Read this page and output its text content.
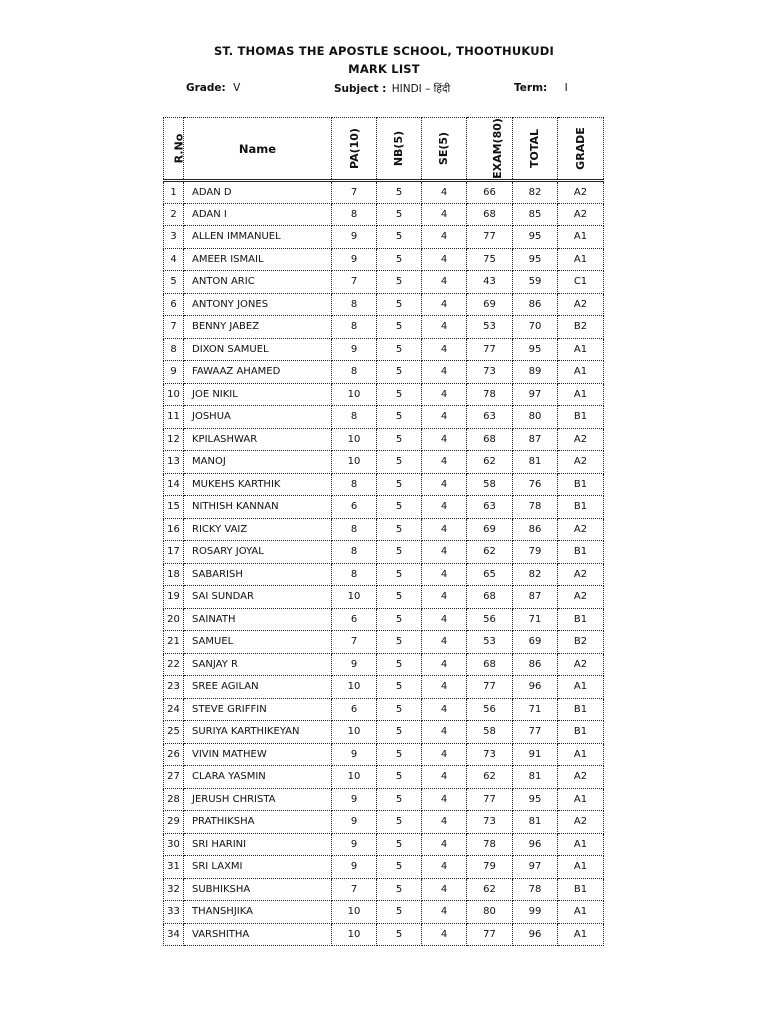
ST. THOMAS THE APOSTLE SCHOOL, THOOTHUKUDI
MARK LIST
Grade: V	Subject : HINDI – हिंदी	Term: I
R.No	Name	PA(10)	NB(5)	SE(5)	EXAM(80)	TOTAL	GRADE
1	ADAN D	7	5	4	66	82	A2
2	ADAN I	8	5	4	68	85	A2
3	ALLEN IMMANUEL	9	5	4	77	95	A1
4	AMEER ISMAIL	9	5	4	75	95	A1
5	ANTON ARIC	7	5	4	43	59	C1
6	ANTONY JONES	8	5	4	69	86	A2
7	BENNY JABEZ	8	5	4	53	70	B2
8	DIXON SAMUEL	9	5	4	77	95	A1
9	FAWAAZ AHAMED	8	5	4	73	89	A1
10	JOE NIKIL	10	5	4	78	97	A1
11	JOSHUA	8	5	4	63	80	B1
12	KPILASHWAR	10	5	4	68	87	A2
13	MANOJ	10	5	4	62	81	A2
14	MUKEHS KARTHIK	8	5	4	58	76	B1
15	NITHISH KANNAN	6	5	4	63	78	B1
16	RICKY VAIZ	8	5	4	69	86	A2
17	ROSARY JOYAL	8	5	4	62	79	B1
18	SABARISH	8	5	4	65	82	A2
19	SAI SUNDAR	10	5	4	68	87	A2
20	SAINATH	6	5	4	56	71	B1
21	SAMUEL	7	5	4	53	69	B2
22	SANJAY R	9	5	4	68	86	A2
23	SREE AGILAN	10	5	4	77	96	A1
24	STEVE GRIFFIN	6	5	4	56	71	B1
25	SURIYA KARTHIKEYAN	10	5	4	58	77	B1
26	VIVIN MATHEW	9	5	4	73	91	A1
27	CLARA YASMIN	10	5	4	62	81	A2
28	JERUSH CHRISTA	9	5	4	77	95	A1
29	PRATHIKSHA	9	5	4	73	81	A2
30	SRI HARINI	9	5	4	78	96	A1
31	SRI LAXMI	9	5	4	79	97	A1
32	SUBHIKSHA	7	5	4	62	78	B1
33	THANSHJIKA	10	5	4	80	99	A1
34	VARSHITHA	10	5	4	77	96	A1
